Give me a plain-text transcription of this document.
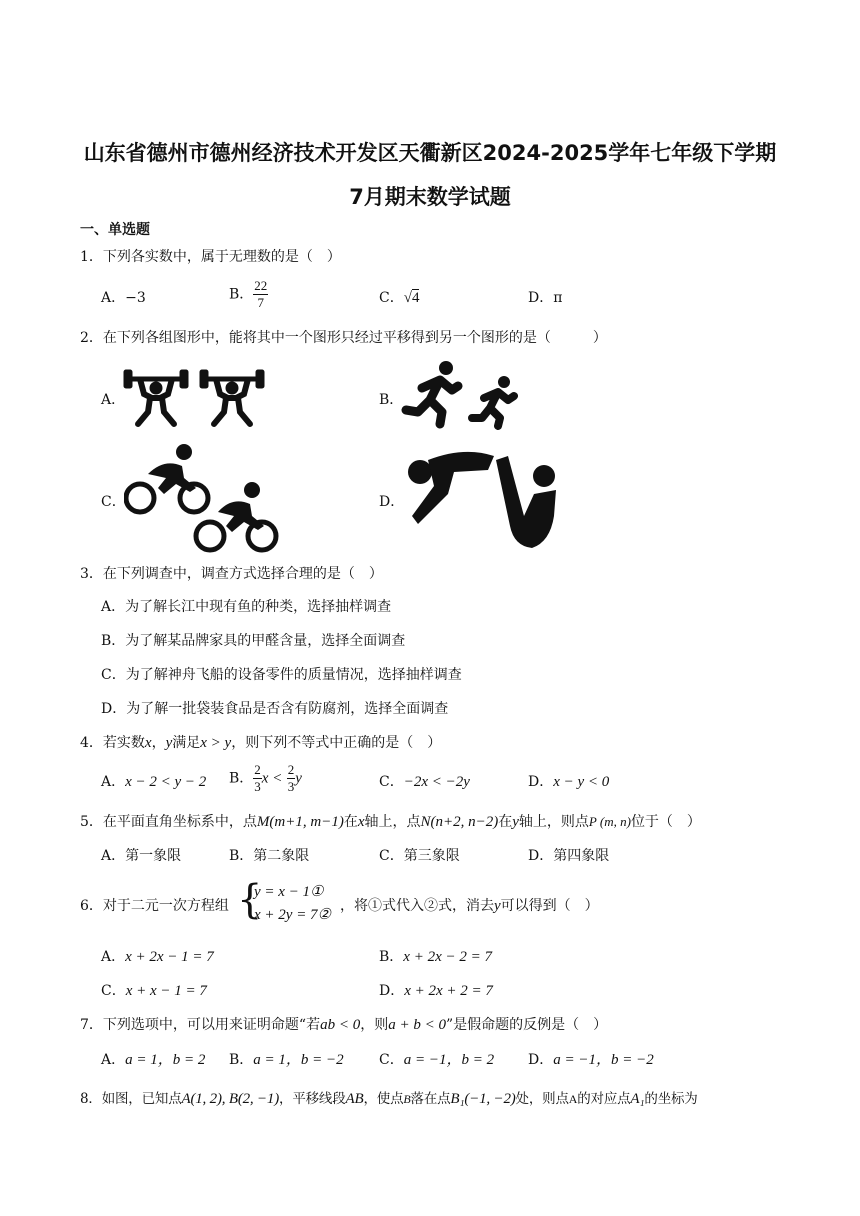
山东省德州市德州经济技术开发区天衢新区2024-2025学年七年级下学期
7月期末数学试题
一、单选题
1．下列各实数中，属于无理数的是（　）
A．−3	B． $\frac{22}{7}$	C．√4	D．π
2．在下列各组图形中，能将其中一个图形只经过平移得到另一个图形的是（　　　）
A．	B．
C．	D．
3．在下列调查中，调查方式选择合理的是（　）
A．为了解长江中现有鱼的种类，选择抽样调查
B．为了解某品牌家具的甲醛含量，选择全面调查
C．为了解神舟飞船的设备零件的质量情况，选择抽样调查
D．为了解一批袋装食品是否含有防腐剂，选择全面调查
4．若实数x，y满足x > y，则下列不等式中正确的是（　）
A．x − 2 < y − 2 B． $\frac{2}{3}$ $x < \frac{2}{3}$ y	C．−2x < −2y	D．x − y < 0
5．在平面直角坐标系中，点M(m+1, m−1)在x轴上，点N(n+2, n−2)在y轴上，则点P (m, n)位于（　）
A．第一象限	B．第二象限	C．第三象限	D．第四象限
6．对于二元一次方程组 {
y = x − 1①
x + 2y = 7②
，将①式代入②式，消去y可以得到（　）
A．x + 2x − 1 = 7	B．x + 2x − 2 = 7
C．x + x − 1 = 7	D．x + 2x + 2 = 7
7．下列选项中，可以用来证明命题“若ab < 0，则a + b < 0”是假命题的反例是（　）
A．a = 1，b = 2 B．a = 1，b = −2	C．a = −1，b = 2 D．a = −1，b = −2
8．如图，已知点A(1, 2), B(2, −1)，平移线段AB，使点B落在点B₁(−1, −2)处，则点A的对应点A₁的坐标为
